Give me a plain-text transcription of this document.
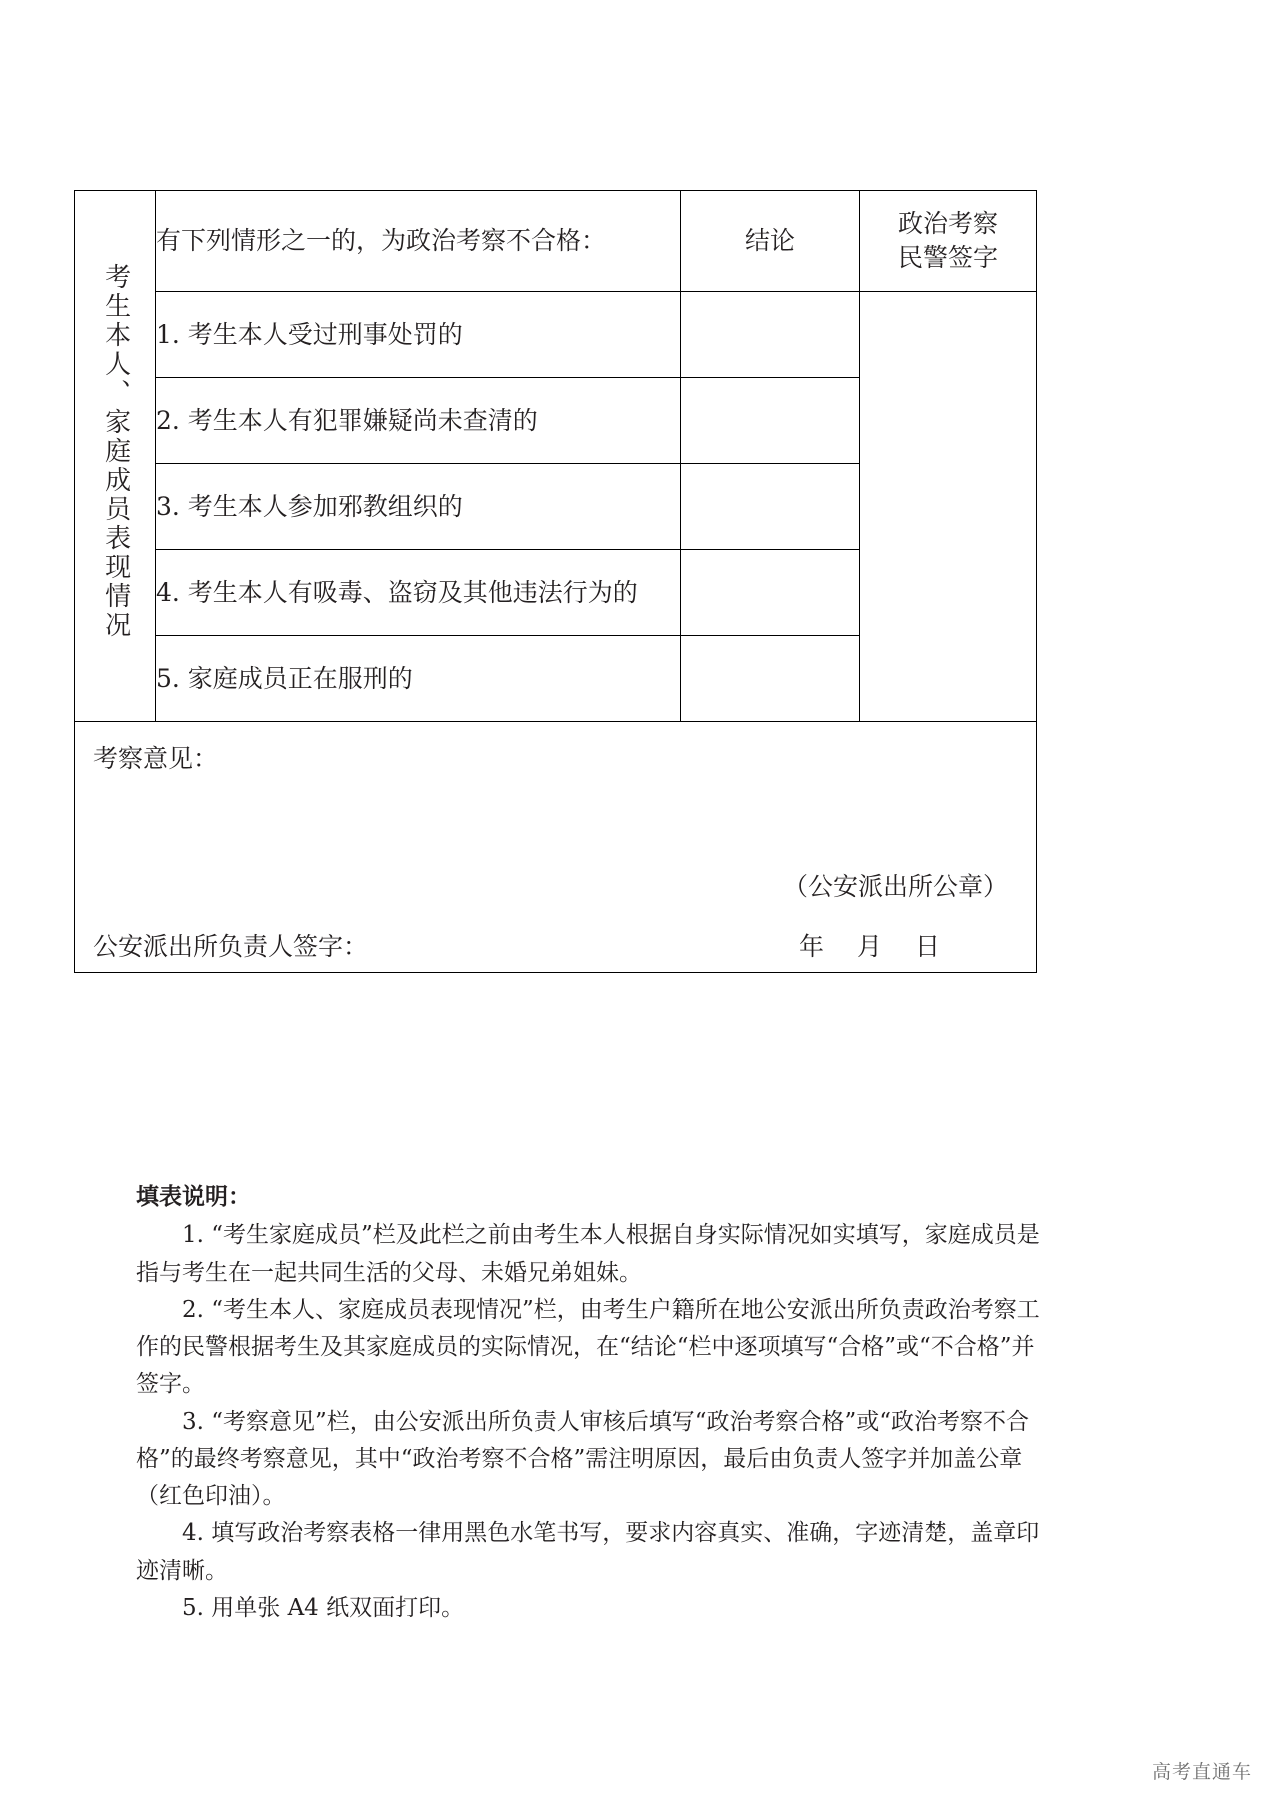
考生本人、家庭成员表现情况	有下列情形之一的，为政治考察不合格：	结论	政治考察
民警签字

	1. 考生本人受过刑事处罚的		
	2. 考生本人有犯罪嫌疑尚未查清的		
	3. 考生本人参加邪教组织的		
	4. 考生本人有吸毒、盗窃及其他违法行为的		
	5. 家庭成员正在服刑的		

考察意见：
（公安派出所公章）
公安派出所负责人签字： 年 月 日			
填表说明：

1. “考生家庭成员”栏及此栏之前由考生本人根据自身实际情况如实填写，家庭成员是指与考生在一起共同生活的父母、未婚兄弟姐妹。

2. “考生本人、家庭成员表现情况”栏，由考生户籍所在地公安派出所负责政治考察工作的民警根据考生及其家庭成员的实际情况，在“结论“栏中逐项填写“合格”或“不合格”并签字。

3. “考察意见”栏，由公安派出所负责人审核后填写“政治考察合格”或“政治考察不合格”的最终考察意见，其中“政治考察不合格”需注明原因，最后由负责人签字并加盖公章（红色印油）。

4. 填写政治考察表格一律用黑色水笔书写，要求内容真实、准确，字迹清楚，盖章印迹清晰。

5. 用单张 A4 纸双面打印。

高考直通车
